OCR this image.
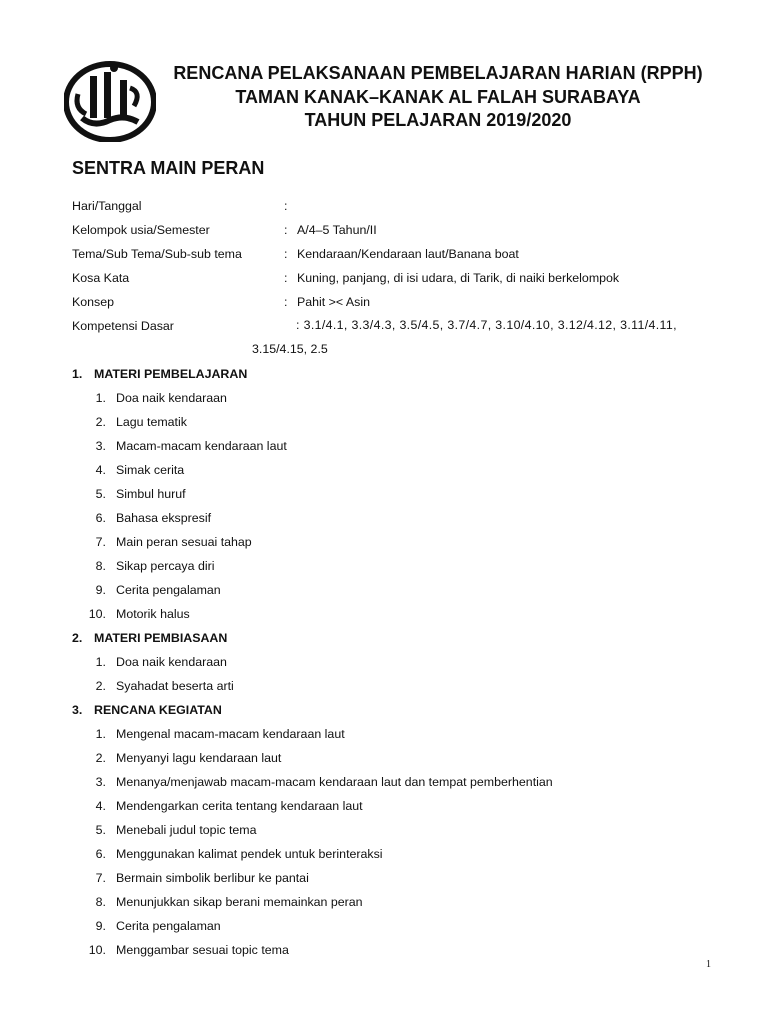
RENCANA PELAKSANAAN PEMBELAJARAN HARIAN (RPPH)
TAMAN KANAK–KANAK AL FALAH SURABAYA
TAHUN PELAJARAN 2019/2020
SENTRA MAIN PERAN
Hari/Tanggal	:
Kelompok usia/Semester	: A/4–5 Tahun/II
Tema/Sub Tema/Sub-sub tema	: Kendaraan/Kendaraan laut/Banana boat
Kosa Kata	: Kuning, panjang, di isi udara, di Tarik, di naiki berkelompok
Konsep	: Pahit >< Asin
Kompetensi Dasar	: 3.1/4.1, 3.3/4.3, 3.5/4.5, 3.7/4.7, 3.10/4.10, 3.12/4.12, 3.11/4.11,
3.15/4.15, 2.5
1. MATERI PEMBELAJARAN
1. Doa naik kendaraan
2. Lagu tematik
3. Macam-macam kendaraan laut
4. Simak cerita
5. Simbul huruf
6. Bahasa ekspresif
7. Main peran sesuai tahap
8. Sikap percaya diri
9. Cerita pengalaman
10. Motorik halus
2. MATERI PEMBIASAAN
1. Doa naik kendaraan
2. Syahadat beserta arti
3. RENCANA KEGIATAN
1. Mengenal macam-macam kendaraan laut
2. Menyanyi lagu kendaraan laut
3. Menanya/menjawab macam-macam kendaraan laut dan tempat pemberhentian
4. Mendengarkan cerita tentang kendaraan laut
5. Menebali judul topic tema
6. Menggunakan kalimat pendek untuk berinteraksi
7. Bermain simbolik berlibur ke pantai
8. Menunjukkan sikap berani memainkan peran
9. Cerita pengalaman
10. Menggambar sesuai topic tema
1
